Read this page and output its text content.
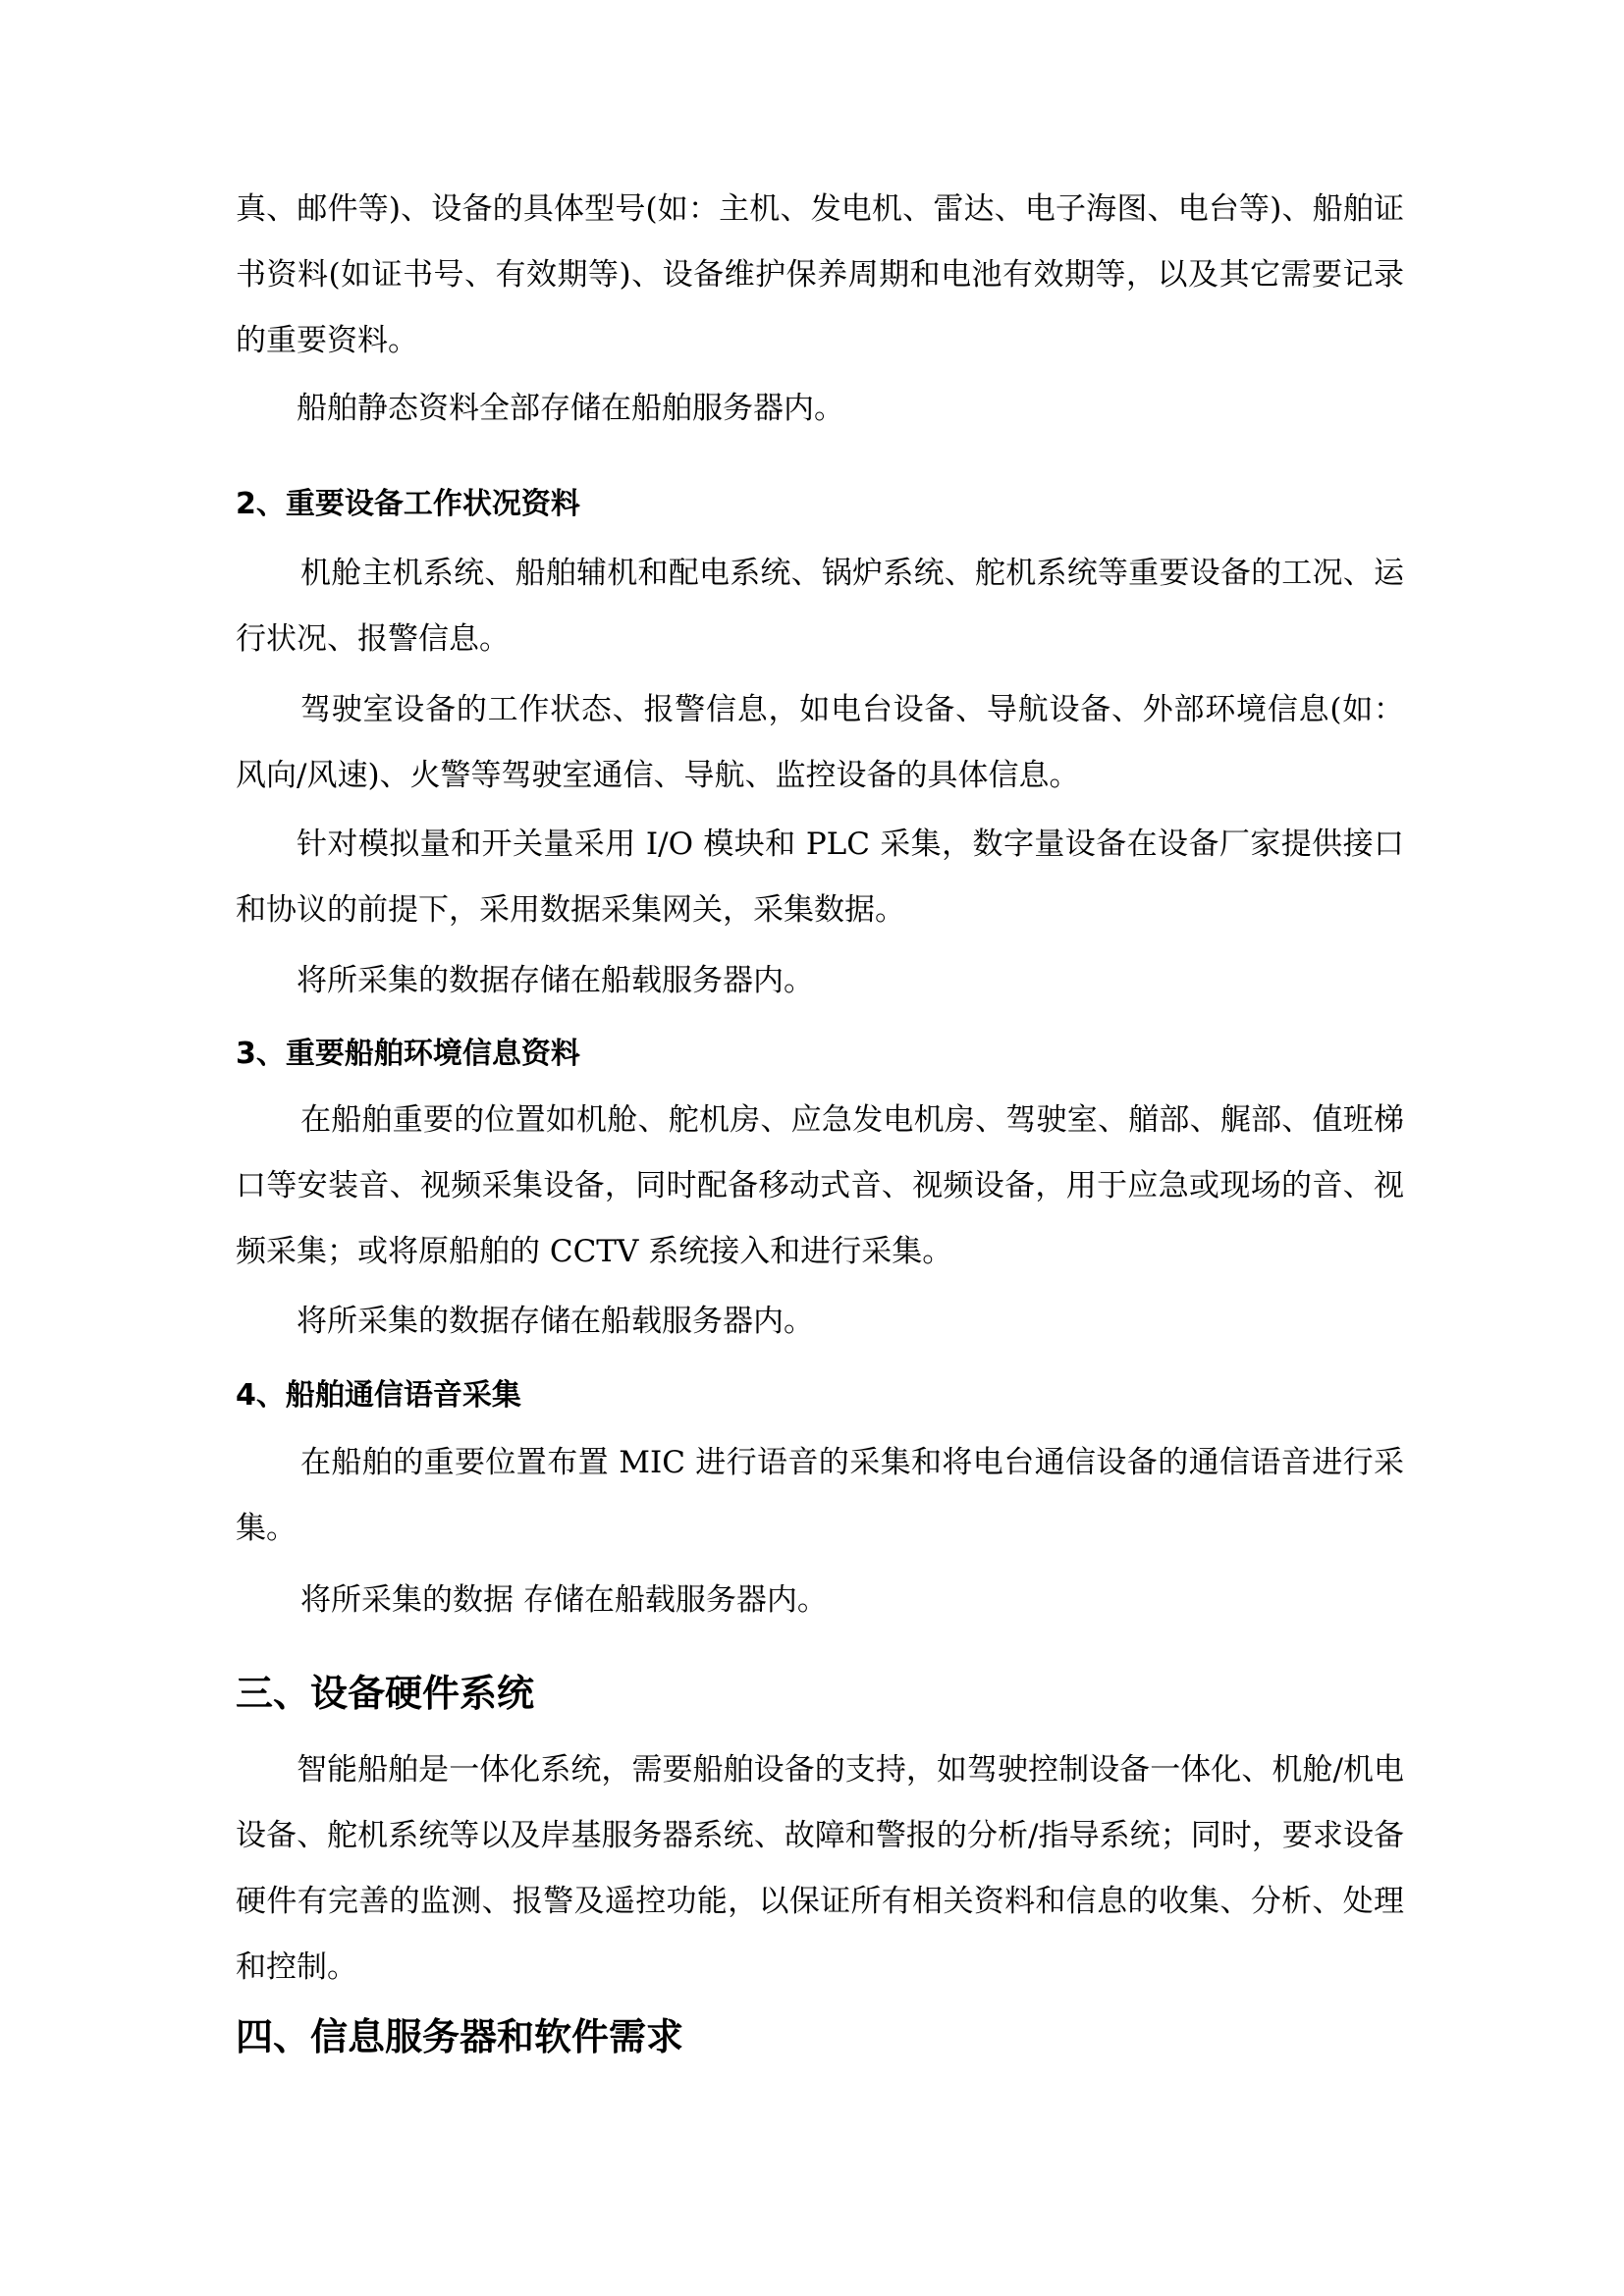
真、邮件等)、设备的具体型号(如：主机、发电机、雷达、电子海图、电台等)、船舶证书资料(如证书号、有效期等)、设备维护保养周期和电池有效期等，以及其它需要记录的重要资料。

船舶静态资料全部存储在船舶服务器内。

2、重要设备工作状况资料

机舱主机系统、船舶辅机和配电系统、锅炉系统、舵机系统等重要设备的工况、运行状况、报警信息。

驾驶室设备的工作状态、报警信息，如电台设备、导航设备、外部环境信息(如：风向/风速)、火警等驾驶室通信、导航、监控设备的具体信息。

针对模拟量和开关量采用 I/O 模块和 PLC 采集，数字量设备在设备厂家提供接口和协议的前提下，采用数据采集网关，采集数据。

将所采集的数据存储在船载服务器内。

3、重要船舶环境信息资料

在船舶重要的位置如机舱、舵机房、应急发电机房、驾驶室、艏部、艉部、值班梯口等安装音、视频采集设备，同时配备移动式音、视频设备，用于应急或现场的音、视频采集；或将原船舶的 CCTV 系统接入和进行采集。

将所采集的数据存储在船载服务器内。

4、船舶通信语音采集

在船舶的重要位置布置 MIC 进行语音的采集和将电台通信设备的通信语音进行采集。

将所采集的数据 存储在船载服务器内。

三、设备硬件系统

智能船舶是一体化系统，需要船舶设备的支持，如驾驶控制设备一体化、机舱/机电设备、舵机系统等以及岸基服务器系统、故障和警报的分析/指导系统；同时，要求设备硬件有完善的监测、报警及遥控功能，以保证所有相关资料和信息的收集、分析、处理和控制。

四、信息服务器和软件需求
